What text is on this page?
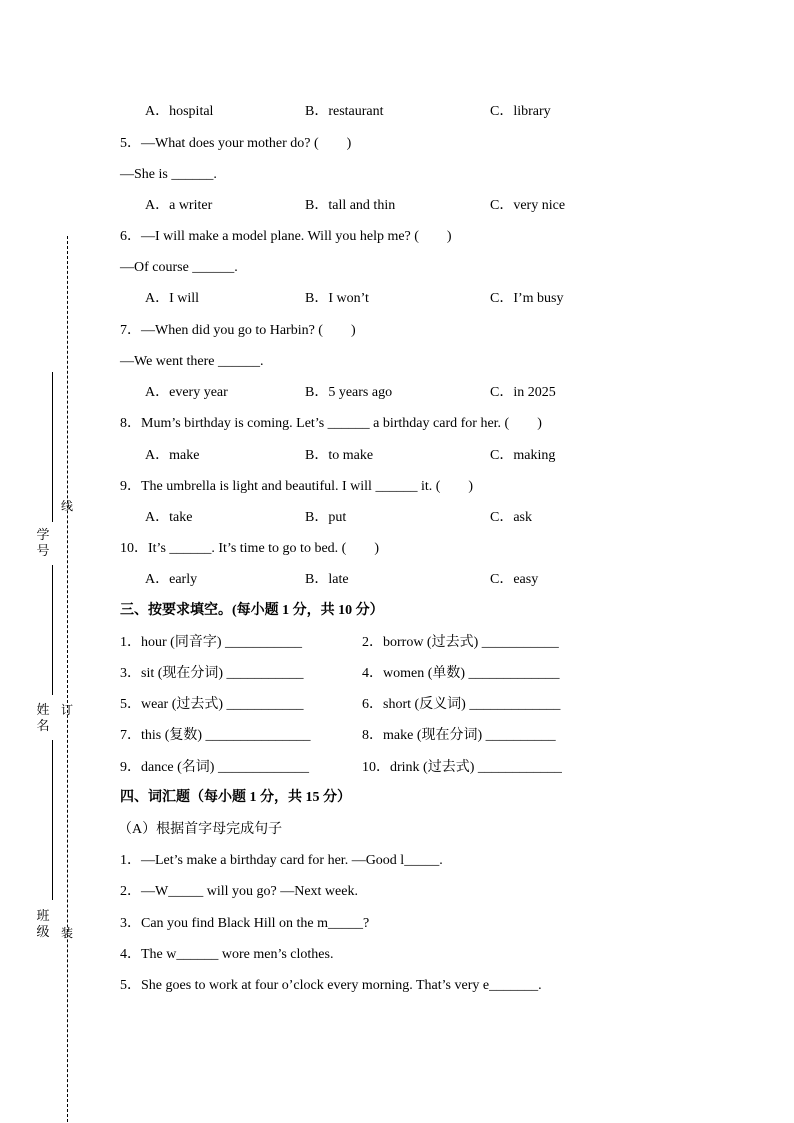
学号
姓名
班级
线
订
装
A．hospital	B．restaurant	C．library
5．—What does your mother do? (　　)
—She is ______.
A．a writer	B．tall and thin	C．very nice
6．—I will make a model plane. Will you help me? (　　)
—Of course ______.
A．I will	B．I won’t	C．I’m busy
7．—When did you go to Harbin? (　　)
—We went there ______.
A．every year	B．5 years ago	C．in 2025
8．Mum’s birthday is coming. Let’s ______ a birthday card for her. (　　)
A．make	B．to make	C．making
9．The umbrella is light and beautiful. I will ______ it. (　　)
A．take	B．put	C．ask
10．It’s ______. It’s time to go to bed. (　　)
A．early	B．late	C．easy
三、按要求填空。(每小题 1 分，共 10 分）
1．hour (同音字) ___________	2．borrow (过去式) ___________
3．sit (现在分词) ___________	4．women (单数) _____________
5．wear (过去式) ___________	6．short (反义词) _____________
7．this (复数) _______________	8．make (现在分词) __________
9．dance (名词) _____________	10．drink (过去式) ____________
四、词汇题（每小题 1 分，共 15 分）
（A）根据首字母完成句子
1．—Let’s make a birthday card for her. —Good l_____.
2．—W_____ will you go? —Next week.
3．Can you find Black Hill on the m_____?
4．The w______ wore men’s clothes.
5．She goes to work at four o’clock every morning. That’s very e_______.
